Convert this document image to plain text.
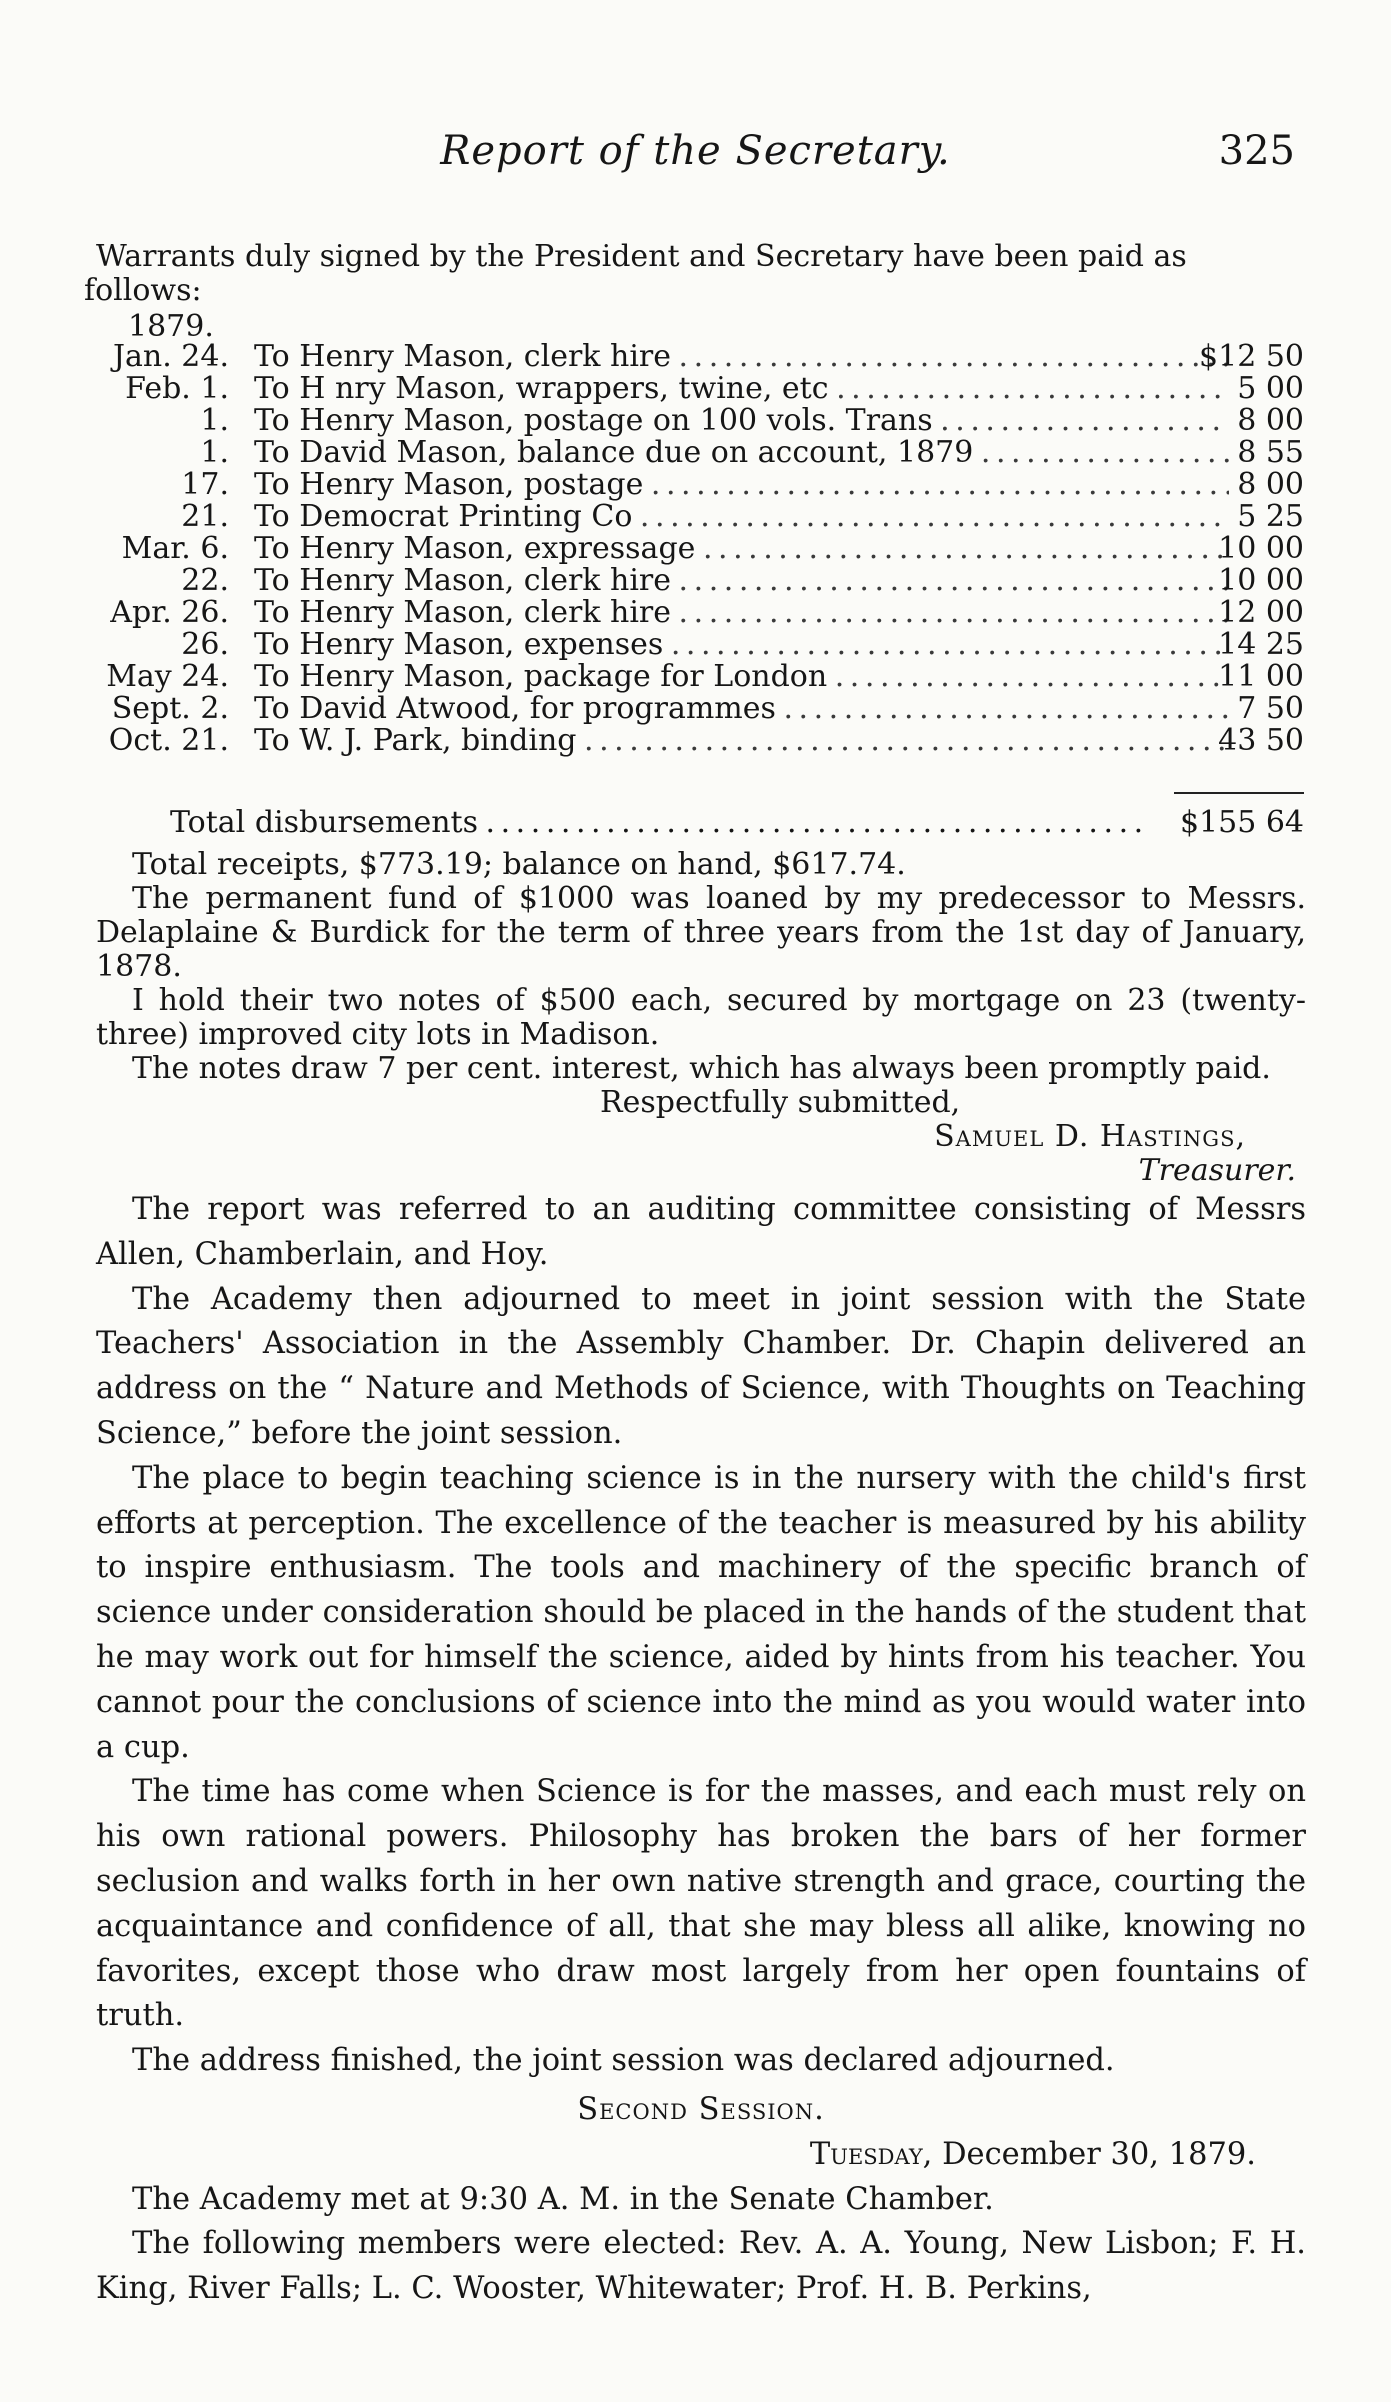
Report of the Secretary.	325
Warrants duly signed by the President and Secretary have been paid as
follows:
1879.
Jan. 24. To Henry Mason, clerk hire . . .	$12 50
Feb. 1. To H nry Mason, wrappers, twine, etc . . .	5 00
1. To Henry Mason, postage on 100 vols. Trans . . .	8 00
1. To David Mason, balance due on account, 1879 . . .	8 55
17. To Henry Mason, postage . . .	8 00
21. To Democrat Printing Co . . .	5 25
Mar. 6. To Henry Mason, expressage . . .	10 00
22. To Henry Mason, clerk hire . . .	10 00
Apr. 26. To Henry Mason, clerk hire . . .	12 00
26. To Henry Mason, expenses . . .	14 25
May 24. To Henry Mason, package for London . . .	11 00
Sept. 2. To David Atwood, for programmes . . .	7 50
Oct. 21. To W. J. Park, binding . . .	43 50
Total disbursements . . .	$155 64

Total receipts, $773.19; balance on hand, $617.74.

The permanent fund of $1000 was loaned by my predecessor to Messrs. Delaplaine & Burdick for the term of three years from the 1st day of January, 1878.

I hold their two notes of $500 each, secured by mortgage on 23 (twenty-three) improved city lots in Madison.

The notes draw 7 per cent. interest, which has always been promptly paid.

Respectfully submitted,

Samuel D. Hastings,

Treasurer.

The report was referred to an auditing committee consisting of Messrs Allen, Chamberlain, and Hoy.

The Academy then adjourned to meet in joint session with the State Teachers' Association in the Assembly Chamber. Dr. Chapin delivered an address on the “ Nature and Methods of Science, with Thoughts on Teaching Science,” before the joint session.

The place to begin teaching science is in the nursery with the child's first efforts at perception. The excellence of the teacher is measured by his ability to inspire enthusiasm. The tools and machinery of the specific branch of science under consideration should be placed in the hands of the student that he may work out for himself the science, aided by hints from his teacher. You cannot pour the conclusions of science into the mind as you would water into a cup.

The time has come when Science is for the masses, and each must rely on his own rational powers. Philosophy has broken the bars of her former seclusion and walks forth in her own native strength and grace, courting the acquaintance and confidence of all, that she may bless all alike, knowing no favorites, except those who draw most largely from her open fountains of truth.

The address finished, the joint session was declared adjourned.

Second Session.

Tuesday, December 30, 1879.

The Academy met at 9:30 A. M. in the Senate Chamber.

The following members were elected: Rev. A. A. Young, New Lisbon; F. H. King, River Falls; L. C. Wooster, Whitewater; Prof. H. B. Perkins,
